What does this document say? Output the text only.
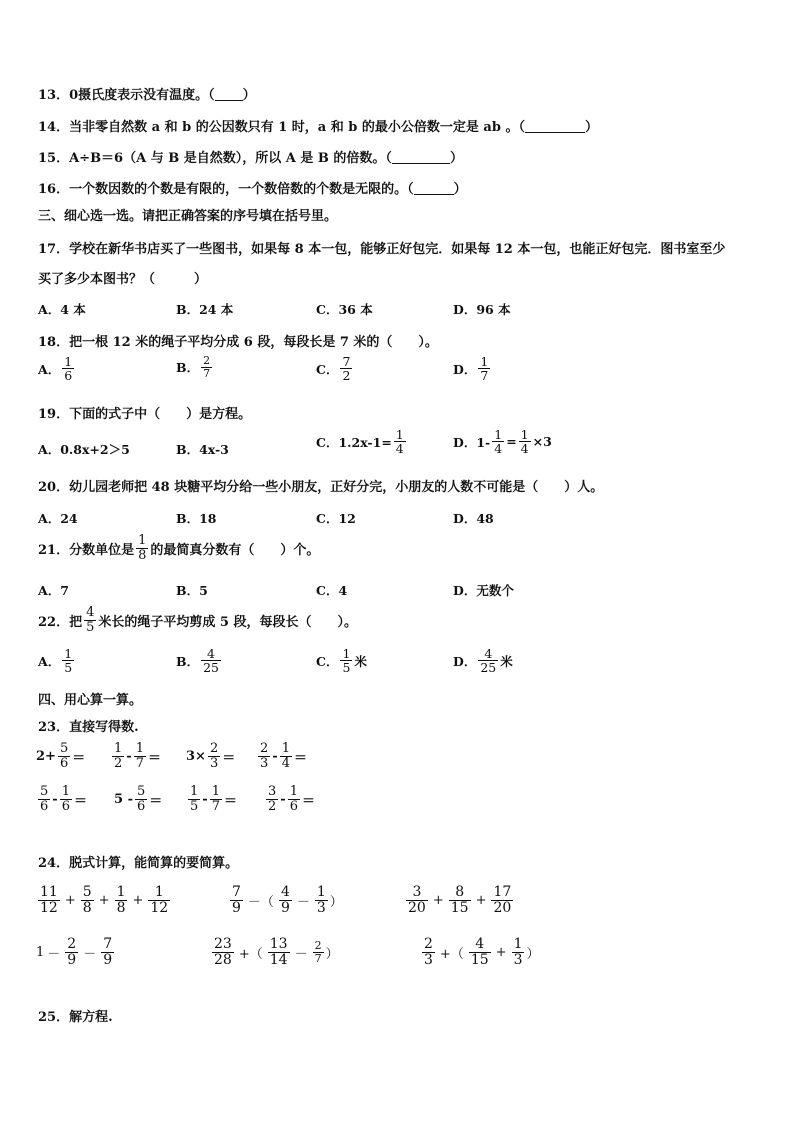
13．0摄氏度表示没有温度。（ ）
14．当非零自然数 a 和 b 的公因数只有 1 时，a 和 b 的最小公倍数一定是 ab 。（	）
15．A÷B＝6（A 与 B 是自然数），所以 A 是 B 的倍数。（	）
16．一个数因数的个数是有限的，一个数倍数的个数是无限的。（	）
三、细心选一选。请把正确答案的序号填在括号里。
17．学校在新华书店买了一些图书，如果每 8 本一包，能够正好包完．如果每 12 本一包，也能正好包完．图书室至少
买了多少本图书？（　　　）
A．4 本	B．24 本	C．36 本	D．96 本
18．把一根 12 米的绳子平均分成 6 段，每段长是 7 米的（　　）。
A． $\frac{1}{6}$	B． $\frac{2}{7}$	C． $\frac{7}{2}$	D． $\frac{1}{7}$
19．下面的式子中（　　）是方程。
A．0.8x+2＞5	B．4x-3	C．$1.2x-1= \frac{1}{4}$	D．$1- \frac{1}{4} = \frac{1}{4} \times 3$
20．幼儿园老师把 48 块糖平均分给一些小朋友，正好分完，小朋友的人数不可能是（　　）人。
A．24	B．18	C．12	D．48
21． 分数单位是 $\frac{1}{8}$ 的最简真分数有（　　）个。
A．7	B．5	C．4	D．无数个
22． 把 $\frac{4}{5}$ 米长的绳子平均剪成 5 段，每段长（　　）。
A． $\frac{1}{5}$	B． $\frac{4}{25}$	C． $\frac{1}{5}$ 米	D． $\frac{4}{25}$ 米
四、用心算一算。
23．直接写得数.
$2+ \frac{5}{6} = \frac{1}{2} - \frac{1}{7} = 3\times \frac{2}{3} = \frac{2}{3} - \frac{1}{4}$ ＝
$\frac{5}{6} - \frac{1}{6} = 5 - \frac{5}{6} = \frac{1}{5} - \frac{1}{7} = \frac{3}{2} - \frac{1}{6}$ ＝
24．脱式计算，能简算的要简算。
$\frac{11}{12} + \frac{5}{8} + \frac{1}{8} + \frac{1}{12}$	$\frac{7}{9}$ －（ $\frac{4}{9} - \frac{1}{3}$ ）	$\frac{3}{20} + \frac{8}{15} + \frac{17}{20}$
$1 - \frac{2}{9} - \frac{7}{9}$	$\frac{23}{28}$ +（ $\frac{13}{14} - \frac{2}{7}$ ）	$\frac{2}{3}$ +（ $\frac{4}{15} + \frac{1}{3}$ ）
25．解方程.
